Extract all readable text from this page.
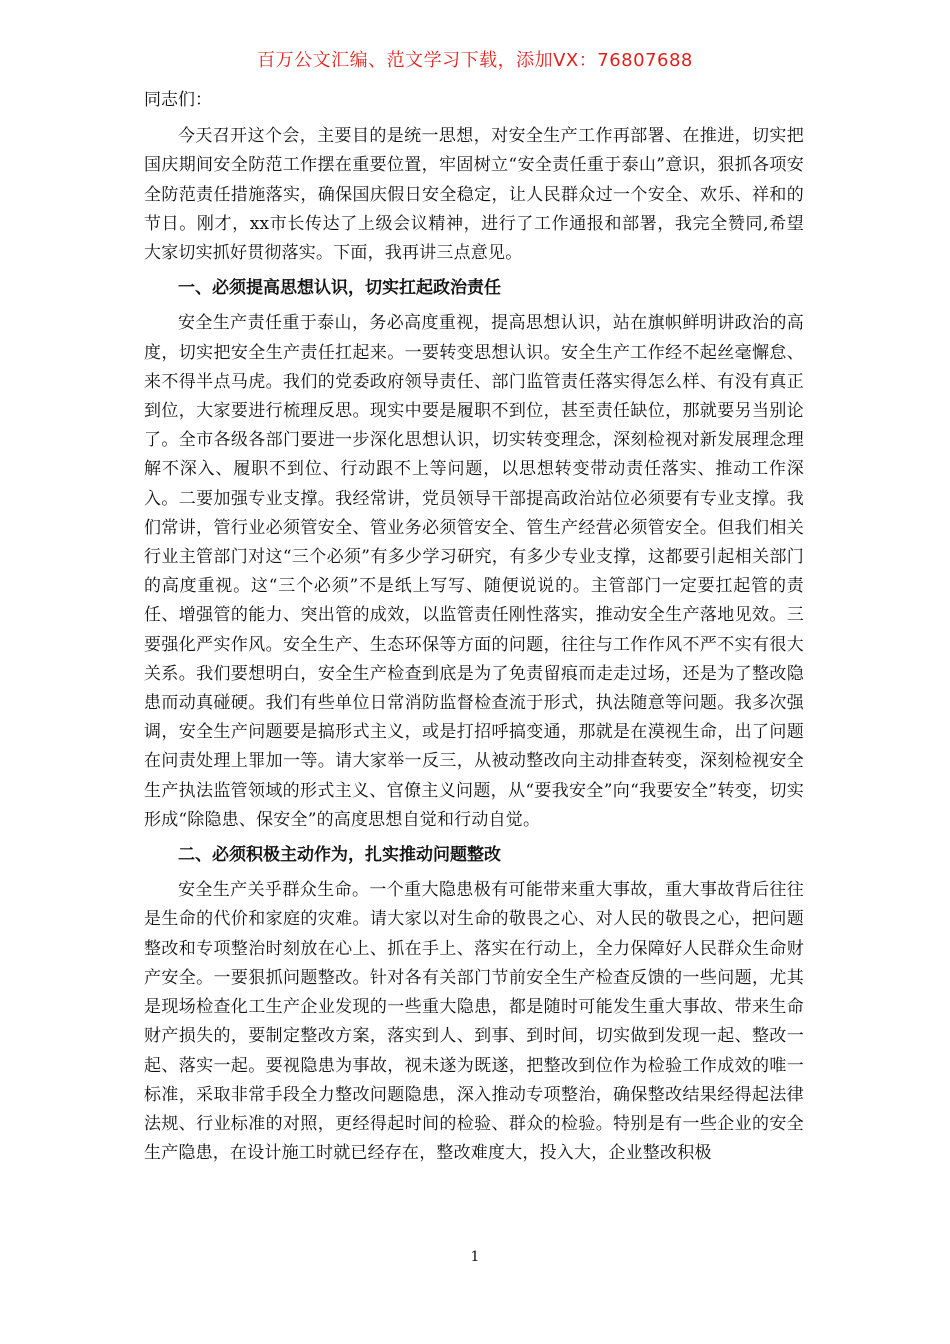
百万公文汇编、范文学习下载，添加VX：76807688

同志们：

今天召开这个会，主要目的是统一思想，对安全生产工作再部署、在推进，切实把国庆期间安全防范工作摆在重要位置，牢固树立“安全责任重于泰山”意识，狠抓各项安全防范责任措施落实，确保国庆假日安全稳定，让人民群众过一个安全、欢乐、祥和的节日。刚才，xx市长传达了上级会议精神，进行了工作通报和部署，我完全赞同,希望大家切实抓好贯彻落实。下面，我再讲三点意见。

一、必须提高思想认识，切实扛起政治责任

安全生产责任重于泰山，务必高度重视，提高思想认识，站在旗帜鲜明讲政治的高度，切实把安全生产责任扛起来。一要转变思想认识。安全生产工作经不起丝毫懈怠、来不得半点马虎。我们的党委政府领导责任、部门监管责任落实得怎么样、有没有真正到位，大家要进行梳理反思。现实中要是履职不到位，甚至责任缺位，那就要另当别论了。全市各级各部门要进一步深化思想认识，切实转变理念，深刻检视对新发展理念理解不深入、履职不到位、行动跟不上等问题，以思想转变带动责任落实、推动工作深入。二要加强专业支撑。我经常讲，党员领导干部提高政治站位必须要有专业支撑。我们常讲，管行业必须管安全、管业务必须管安全、管生产经营必须管安全。但我们相关行业主管部门对这“三个必须”有多少学习研究，有多少专业支撑，这都要引起相关部门的高度重视。这“三个必须”不是纸上写写、随便说说的。主管部门一定要扛起管的责任、增强管的能力、突出管的成效，以监管责任刚性落实，推动安全生产落地见效。三要强化严实作风。安全生产、生态环保等方面的问题，往往与工作作风不严不实有很大关系。我们要想明白，安全生产检查到底是为了免责留痕而走走过场，还是为了整改隐患而动真碰硬。我们有些单位日常消防监督检查流于形式，执法随意等问题。我多次强调，安全生产问题要是搞形式主义，或是打招呼搞变通，那就是在漠视生命，出了问题在问责处理上罪加一等。请大家举一反三，从被动整改向主动排查转变，深刻检视安全生产执法监管领域的形式主义、官僚主义问题，从“要我安全”向“我要安全”转变，切实形成“除隐患、保安全”的高度思想自觉和行动自觉。

二、必须积极主动作为，扎实推动问题整改

安全生产关乎群众生命。一个重大隐患极有可能带来重大事故，重大事故背后往往是生命的代价和家庭的灾难。请大家以对生命的敬畏之心、对人民的敬畏之心，把问题整改和专项整治时刻放在心上、抓在手上、落实在行动上，全力保障好人民群众生命财产安全。一要狠抓问题整改。针对各有关部门节前安全生产检查反馈的一些问题，尤其是现场检查化工生产企业发现的一些重大隐患，都是随时可能发生重大事故、带来生命财产损失的，要制定整改方案，落实到人、到事、到时间，切实做到发现一起、整改一起、落实一起。要视隐患为事故，视未遂为既遂，把整改到位作为检验工作成效的唯一标准，采取非常手段全力整改问题隐患，深入推动专项整治，确保整改结果经得起法律法规、行业标准的对照，更经得起时间的检验、群众的检验。特别是有一些企业的安全生产隐患，在设计施工时就已经存在，整改难度大，投入大，企业整改积极

1
